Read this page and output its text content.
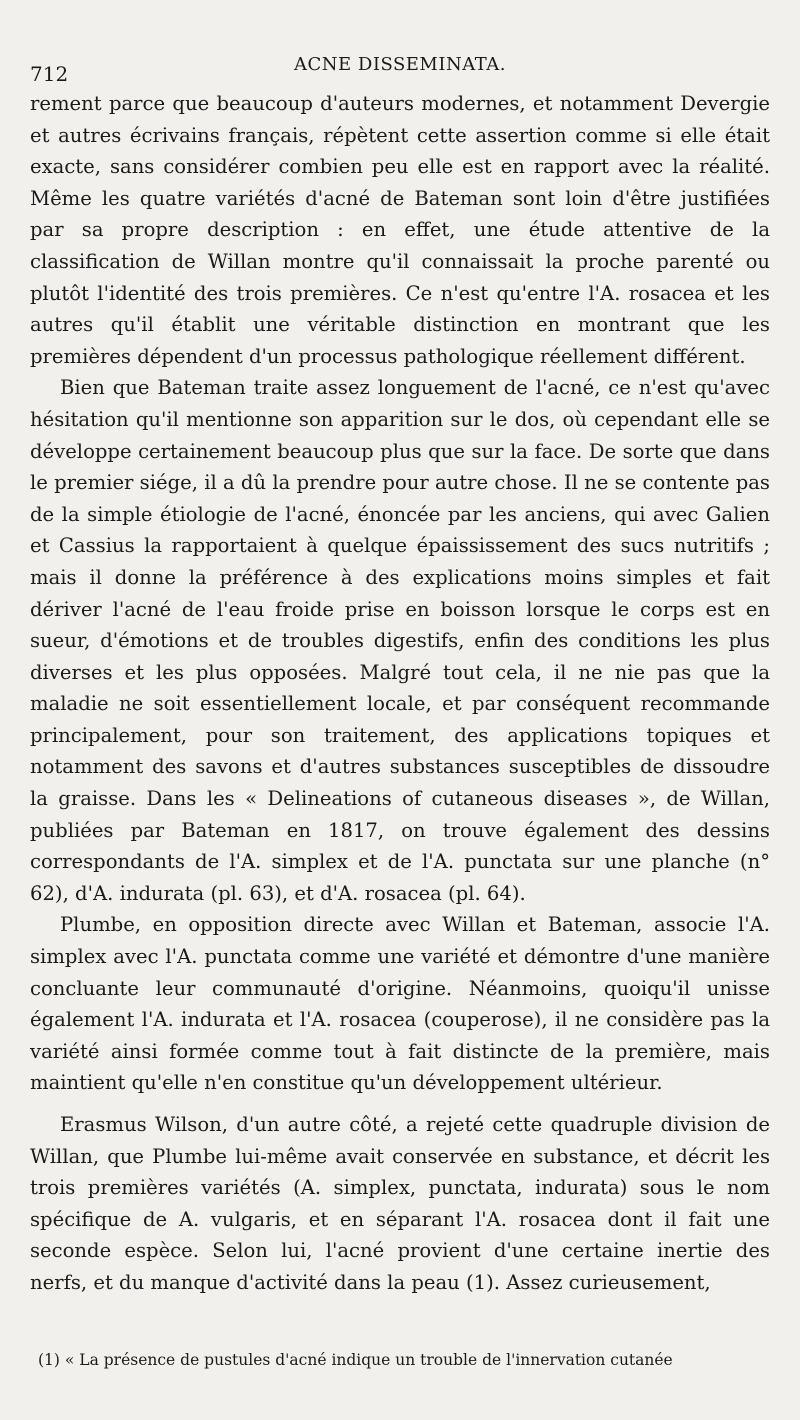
712	ACNE DISSEMINATA.

rement parce que beaucoup d'auteurs modernes, et notamment Devergie et autres écrivains français, répètent cette assertion comme si elle était exacte, sans considérer combien peu elle est en rapport avec la réalité. Même les quatre variétés d'acné de Bateman sont loin d'être justifiées par sa propre description : en effet, une étude attentive de la classification de Willan montre qu'il connaissait la proche parenté ou plutôt l'identité des trois premières. Ce n'est qu'entre l'A. rosacea et les autres qu'il établit une véritable distinction en montrant que les premières dépendent d'un processus pathologique réellement différent.

Bien que Bateman traite assez longuement de l'acné, ce n'est qu'avec hésitation qu'il mentionne son apparition sur le dos, où cependant elle se développe certainement beaucoup plus que sur la face. De sorte que dans le premier siége, il a dû la prendre pour autre chose. Il ne se contente pas de la simple étiologie de l'acné, énoncée par les anciens, qui avec Galien et Cassius la rapportaient à quelque épaississement des sucs nutritifs ; mais il donne la préférence à des explications moins simples et fait dériver l'acné de l'eau froide prise en boisson lorsque le corps est en sueur, d'émotions et de troubles digestifs, enfin des conditions les plus diverses et les plus opposées. Malgré tout cela, il ne nie pas que la maladie ne soit essentiellement locale, et par conséquent recommande principalement, pour son traitement, des applications topiques et notamment des savons et d'autres substances susceptibles de dissoudre la graisse. Dans les « Delineations of cutaneous diseases », de Willan, publiées par Bateman en 1817, on trouve également des dessins correspondants de l'A. simplex et de l'A. punctata sur une planche (n° 62), d'A. indurata (pl. 63), et d'A. rosacea (pl. 64).

Plumbe, en opposition directe avec Willan et Bateman, associe l'A. simplex avec l'A. punctata comme une variété et démontre d'une manière concluante leur communauté d'origine. Néanmoins, quoiqu'il unisse également l'A. indurata et l'A. rosacea (couperose), il ne considère pas la variété ainsi formée comme tout à fait distincte de la première, mais maintient qu'elle n'en constitue qu'un développement ultérieur.

Erasmus Wilson, d'un autre côté, a rejeté cette quadruple division de Willan, que Plumbe lui-même avait conservée en substance, et décrit les trois premières variétés (A. simplex, punctata, indurata) sous le nom spécifique de A. vulgaris, et en séparant l'A. rosacea dont il fait une seconde espèce. Selon lui, l'acné provient d'une certaine inertie des nerfs, et du manque d'activité dans la peau (1). Assez curieusement,

(1) « La présence de pustules d'acné indique un trouble de l'innervation cutanée
